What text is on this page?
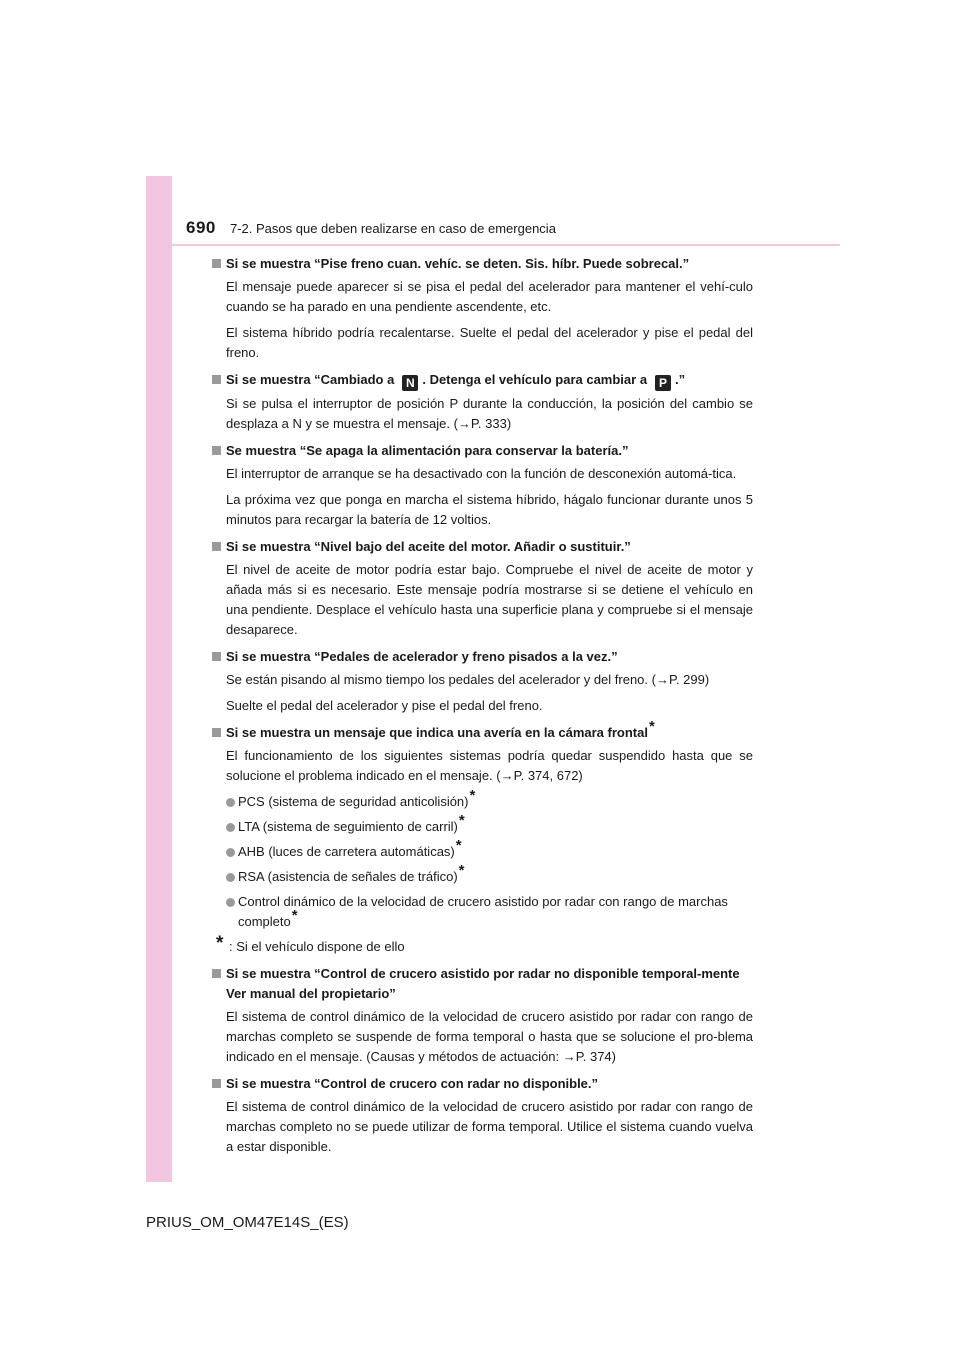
690 7-2. Pasos que deben realizarse en caso de emergencia
Si se muestra “Pise freno cuan. vehíc. se deten. Sis. híbr. Puede sobrecal.”
El mensaje puede aparecer si se pisa el pedal del acelerador para mantener el vehí-culo cuando se ha parado en una pendiente ascendente, etc.
El sistema híbrido podría recalentarse. Suelte el pedal del acelerador y pise el pedal del freno.
Si se muestra “Cambiado a N . Detenga el vehículo para cambiar a P .”
Si se pulsa el interruptor de posición P durante la conducción, la posición del cambio se desplaza a N y se muestra el mensaje. (→P. 333)
Se muestra “Se apaga la alimentación para conservar la batería.”
El interruptor de arranque se ha desactivado con la función de desconexión automá-tica.
La próxima vez que ponga en marcha el sistema híbrido, hágalo funcionar durante unos 5 minutos para recargar la batería de 12 voltios.
Si se muestra “Nivel bajo del aceite del motor. Añadir o sustituir.”
El nivel de aceite de motor podría estar bajo. Compruebe el nivel de aceite de motor y añada más si es necesario. Este mensaje podría mostrarse si se detiene el vehículo en una pendiente. Desplace el vehículo hasta una superficie plana y compruebe si el mensaje desaparece.
Si se muestra “Pedales de acelerador y freno pisados a la vez.”
Se están pisando al mismo tiempo los pedales del acelerador y del freno. (→P. 299)
Suelte el pedal del acelerador y pise el pedal del freno.
Si se muestra un mensaje que indica una avería en la cámara frontal*
El funcionamiento de los siguientes sistemas podría quedar suspendido hasta que se solucione el problema indicado en el mensaje. (→P. 374, 672)
PCS (sistema de seguridad anticolisión)*
LTA (sistema de seguimiento de carril)*
AHB (luces de carretera automáticas)*
RSA (asistencia de señales de tráfico)*
Control dinámico de la velocidad de crucero asistido por radar con rango de marchas completo*
* : Si el vehículo dispone de ello
Si se muestra “Control de crucero asistido por radar no disponible temporal-mente Ver manual del propietario”
El sistema de control dinámico de la velocidad de crucero asistido por radar con rango de marchas completo se suspende de forma temporal o hasta que se solucione el pro-blema indicado en el mensaje. (Causas y métodos de actuación: →P. 374)
Si se muestra “Control de crucero con radar no disponible.”
El sistema de control dinámico de la velocidad de crucero asistido por radar con rango de marchas completo no se puede utilizar de forma temporal. Utilice el sistema cuando vuelva a estar disponible.
PRIUS_OM_OM47E14S_(ES)
